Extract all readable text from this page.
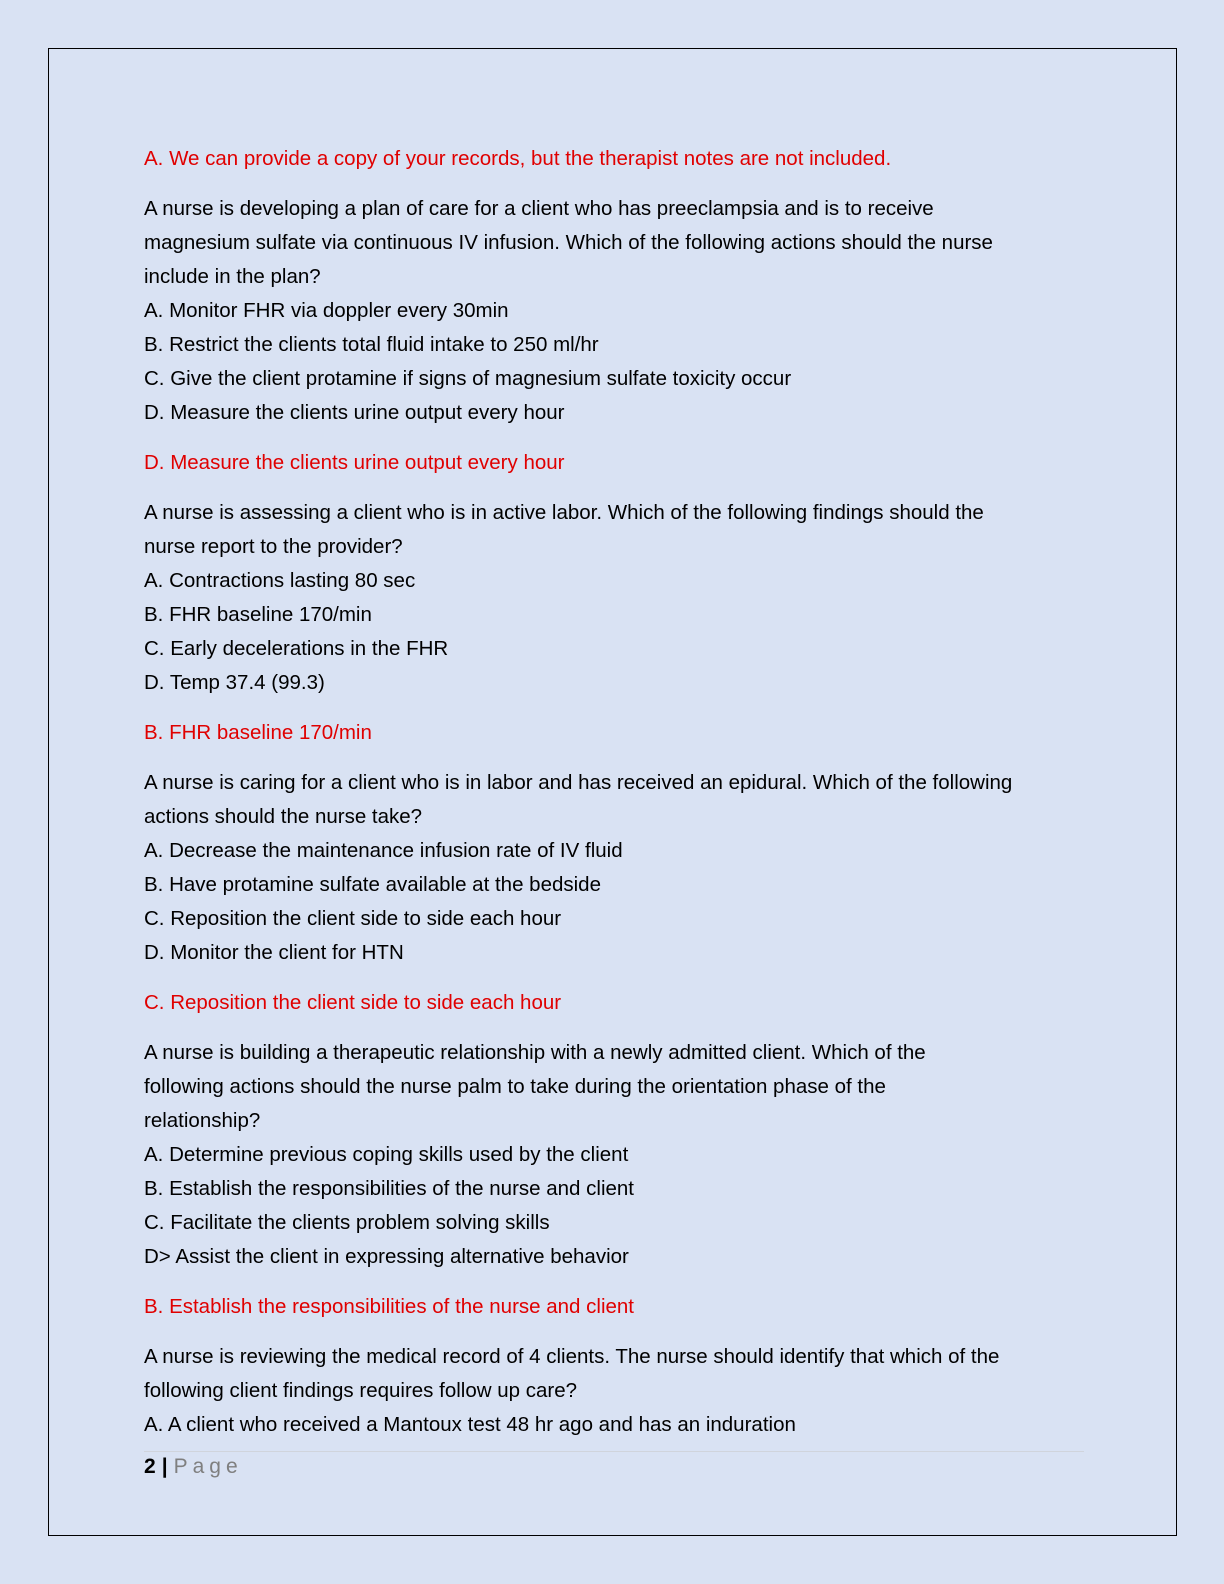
A. We can provide a copy of your records, but the therapist notes are not included.
A nurse is developing a plan of care for a client who has preeclampsia and is to receive
magnesium sulfate via continuous IV infusion. Which of the following actions should the nurse
include in the plan?
A. Monitor FHR via doppler every 30min
B. Restrict the clients total fluid intake to 250 ml/hr
C. Give the client protamine if signs of magnesium sulfate toxicity occur
D. Measure the clients urine output every hour
D. Measure the clients urine output every hour
A nurse is assessing a client who is in active labor. Which of the following findings should the
nurse report to the provider?
A. Contractions lasting 80 sec
B. FHR baseline 170/min
C. Early decelerations in the FHR
D. Temp 37.4 (99.3)
B. FHR baseline 170/min
A nurse is caring for a client who is in labor and has received an epidural. Which of the following
actions should the nurse take?
A. Decrease the maintenance infusion rate of IV fluid
B. Have protamine sulfate available at the bedside
C. Reposition the client side to side each hour
D. Monitor the client for HTN
C. Reposition the client side to side each hour
A nurse is building a therapeutic relationship with a newly admitted client. Which of the
following actions should the nurse palm to take during the orientation phase of the
relationship?
A. Determine previous coping skills used by the client
B. Establish the responsibilities of the nurse and client
C. Facilitate the clients problem solving skills
D> Assist the client in expressing alternative behavior
B. Establish the responsibilities of the nurse and client
A nurse is reviewing the medical record of 4 clients. The nurse should identify that which of the
following client findings requires follow up care?
A. A client who received a Mantoux test 48 hr ago and has an induration
2 | Page
